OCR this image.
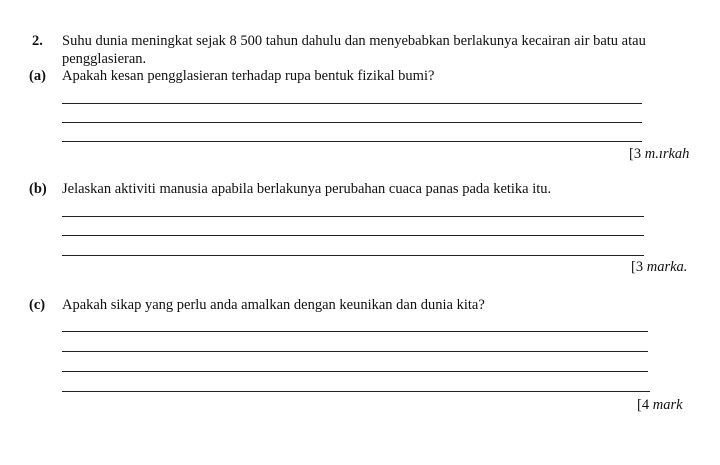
2. Suhu dunia meningkat sejak 8 500 tahun dahulu dan menyebabkan berlakunya kecairan air batu atau
pengglasieran.
(a) Apakah kesan pengglasieran terhadap rupa bentuk fizikal bumi?
[3 m.ırkah
(b) Jelaskan aktiviti manusia apabila berlakunya perubahan cuaca panas pada ketika itu.
[3 marka.
(c) Apakah sikap yang perlu anda amalkan dengan keunikan dan dunia kita?
[4 mark
